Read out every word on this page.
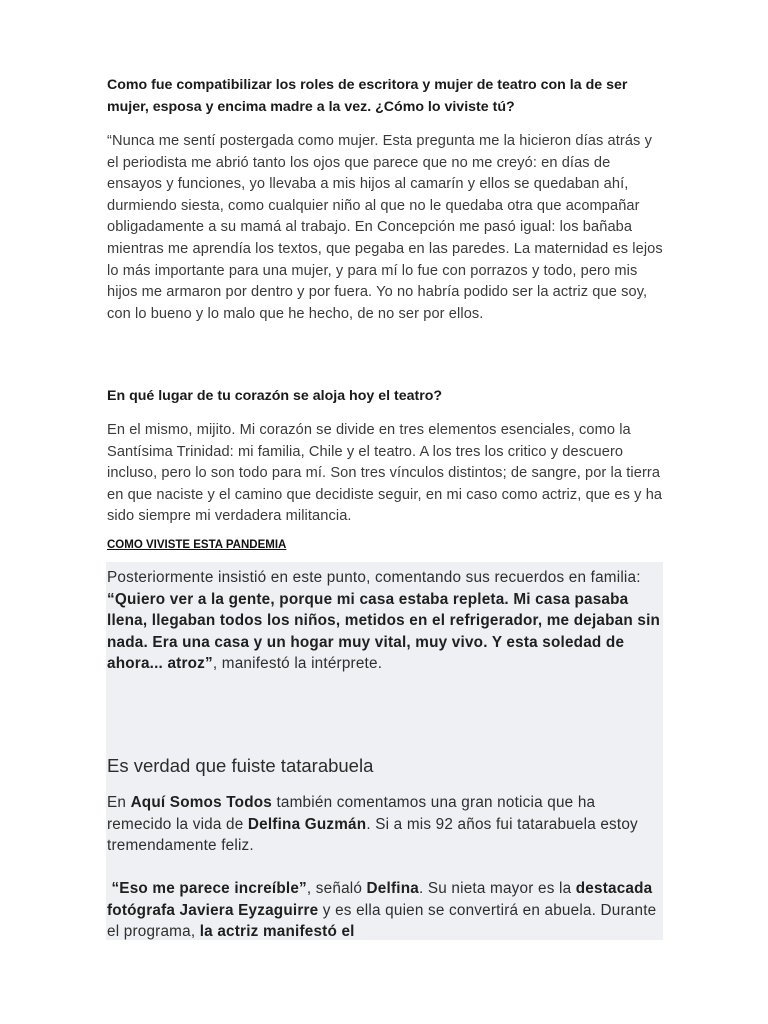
Como fue compatibilizar los roles de escritora y mujer de teatro con la de ser mujer, esposa y encima madre a la vez. ¿Cómo lo viviste tú?

“Nunca me sentí postergada como mujer. Esta pregunta me la hicieron días atrás y el periodista me abrió tanto los ojos que parece que no me creyó: en días de ensayos y funciones, yo llevaba a mis hijos al camarín y ellos se quedaban ahí, durmiendo siesta, como cualquier niño al que no le quedaba otra que acompañar obligadamente a su mamá al trabajo. En Concepción me pasó igual: los bañaba mientras me aprendía los textos, que pegaba en las paredes. La maternidad es lejos lo más importante para una mujer, y para mí lo fue con porrazos y todo, pero mis hijos me armaron por dentro y por fuera. Yo no habría podido ser la actriz que soy, con lo bueno y lo malo que he hecho, de no ser por ellos.

En qué lugar de tu corazón se aloja hoy el teatro?

En el mismo, mijito. Mi corazón se divide en tres elementos esenciales, como la Santísima Trinidad: mi familia, Chile y el teatro. A los tres los critico y descuero incluso, pero lo son todo para mí. Son tres vínculos distintos; de sangre, por la tierra en que naciste y el camino que decidiste seguir, en mi caso como actriz, que es y ha sido siempre mi verdadera militancia.

COMO VIVISTE ESTA PANDEMIA

Posteriormente insistió en este punto, comentando sus recuerdos en familia: “Quiero ver a la gente, porque mi casa estaba repleta. Mi casa pasaba llena, llegaban todos los niños, metidos en el refrigerador, me dejaban sin nada. Era una casa y un hogar muy vital, muy vivo. Y esta soledad de ahora... atroz”, manifestó la intérprete.

Es verdad que fuiste tatarabuela

En Aquí Somos Todos también comentamos una gran noticia que ha remecido la vida de Delfina Guzmán. Si a mis 92 años fui tatarabuela estoy tremendamente feliz.

“Eso me parece increíble”, señaló Delfina. Su nieta mayor es la destacada fotógrafa Javiera Eyzaguirre y es ella quien se convertirá en abuela. Durante el programa, la actriz manifestó el
